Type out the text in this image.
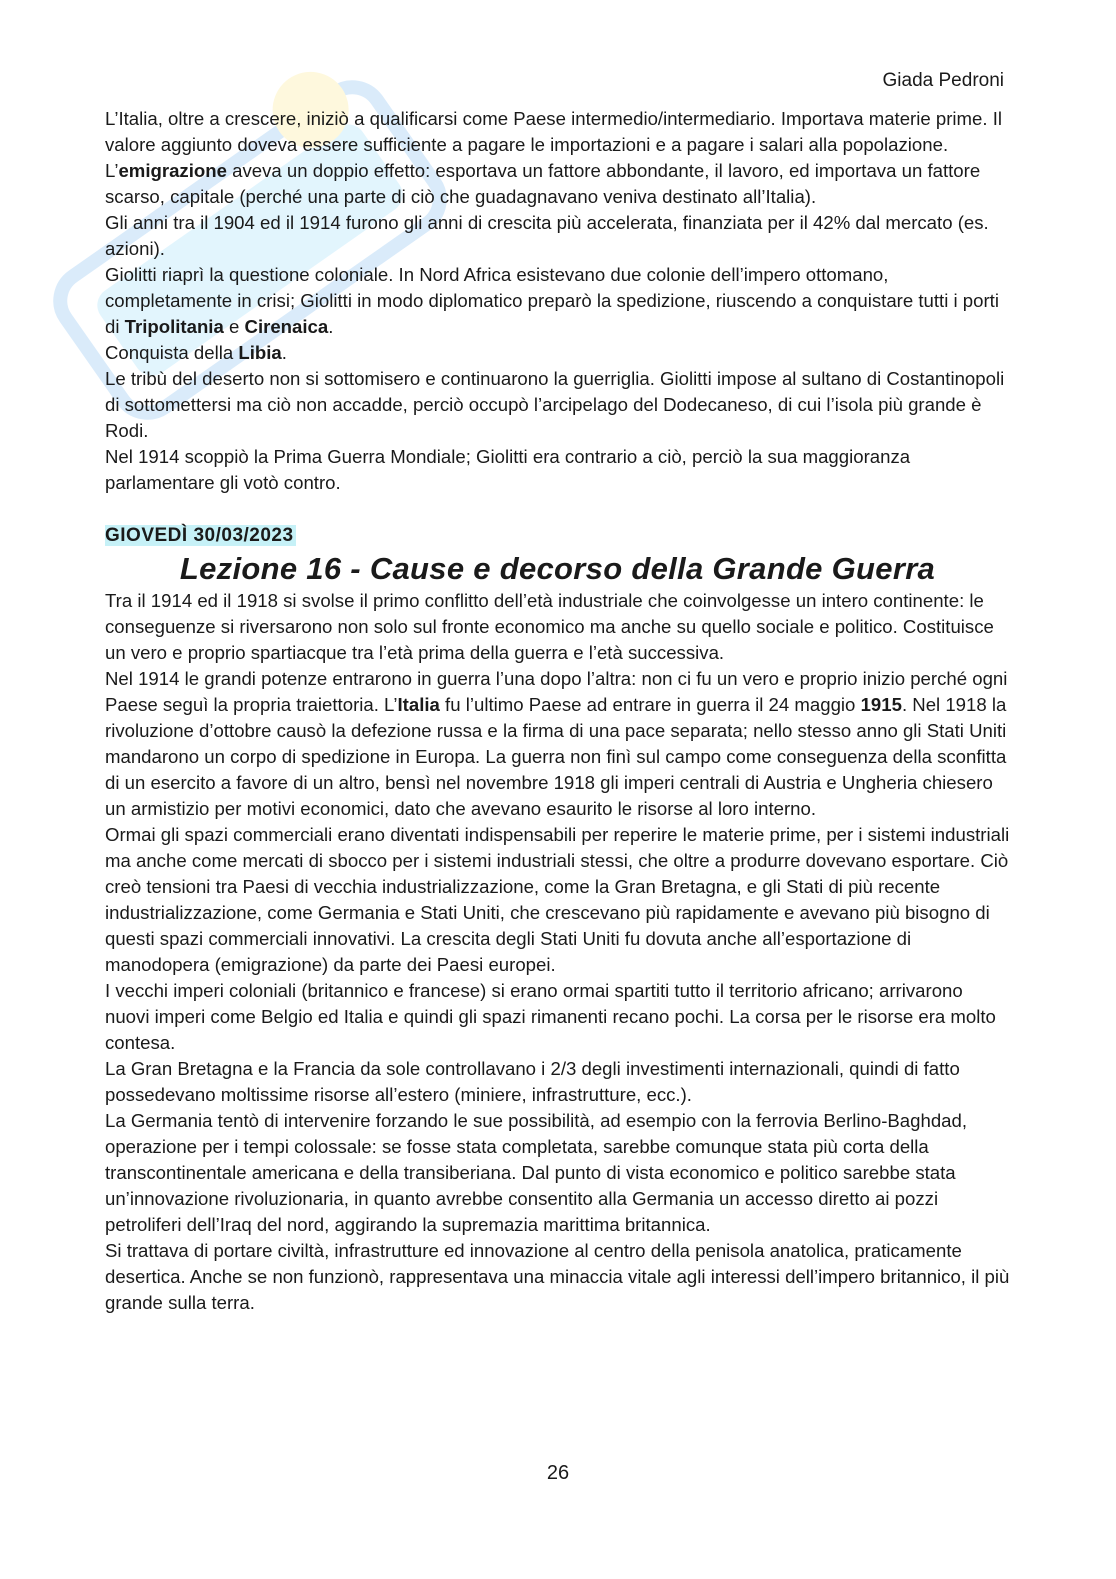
Giada Pedroni

L’Italia, oltre a crescere, iniziò a qualificarsi come Paese intermedio/intermediario. Importava materie prime. Il valore aggiunto doveva essere sufficiente a pagare le importazioni e a pagare i salari alla popolazione.

L’emigrazione aveva un doppio effetto: esportava un fattore abbondante, il lavoro, ed importava un fattore scarso, capitale (perché una parte di ciò che guadagnavano veniva destinato all’Italia).

Gli anni tra il 1904 ed il 1914 furono gli anni di crescita più accelerata, finanziata per il 42% dal mercato (es. azioni).

Giolitti riaprì la questione coloniale. In Nord Africa esistevano due colonie dell’impero ottomano, completamente in crisi; Giolitti in modo diplomatico preparò la spedizione, riuscendo a conquistare tutti i porti di Tripolitania e Cirenaica.

Conquista della Libia.

Le tribù del deserto non si sottomisero e continuarono la guerriglia. Giolitti impose al sultano di Costantinopoli di sottomettersi ma ciò non accadde, perciò occupò l’arcipelago del Dodecaneso, di cui l’isola più grande è Rodi.

Nel 1914 scoppiò la Prima Guerra Mondiale; Giolitti era contrario a ciò, perciò la sua maggioranza parlamentare gli votò contro.

GIOVEDÌ 30/03/2023
Lezione 16 - Cause e decorso della Grande Guerra

Tra il 1914 ed il 1918 si svolse il primo conflitto dell’età industriale che coinvolgesse un intero continente: le conseguenze si riversarono non solo sul fronte economico ma anche su quello sociale e politico. Costituisce un vero e proprio spartiacque tra l’età prima della guerra e l’età successiva.

Nel 1914 le grandi potenze entrarono in guerra l’una dopo l’altra: non ci fu un vero e proprio inizio perché ogni Paese seguì la propria traiettoria. L’Italia fu l’ultimo Paese ad entrare in guerra il 24 maggio 1915. Nel 1918 la rivoluzione d’ottobre causò la defezione russa e la firma di una pace separata; nello stesso anno gli Stati Uniti mandarono un corpo di spedizione in Europa. La guerra non finì sul campo come conseguenza della sconfitta di un esercito a favore di un altro, bensì nel novembre 1918 gli imperi centrali di Austria e Ungheria chiesero un armistizio per motivi economici, dato che avevano esaurito le risorse al loro interno.

Ormai gli spazi commerciali erano diventati indispensabili per reperire le materie prime, per i sistemi industriali ma anche come mercati di sbocco per i sistemi industriali stessi, che oltre a produrre dovevano esportare. Ciò creò tensioni tra Paesi di vecchia industrializzazione, come la Gran Bretagna, e gli Stati di più recente industrializzazione, come Germania e Stati Uniti, che crescevano più rapidamente e avevano più bisogno di questi spazi commerciali innovativi. La crescita degli Stati Uniti fu dovuta anche all’esportazione di manodopera (emigrazione) da parte dei Paesi europei.

I vecchi imperi coloniali (britannico e francese) si erano ormai spartiti tutto il territorio africano; arrivarono nuovi imperi come Belgio ed Italia e quindi gli spazi rimanenti recano pochi. La corsa per le risorse era molto contesa.

La Gran Bretagna e la Francia da sole controllavano i 2/3 degli investimenti internazionali, quindi di fatto possedevano moltissime risorse all’estero (miniere, infrastrutture, ecc.).

La Germania tentò di intervenire forzando le sue possibilità, ad esempio con la ferrovia Berlino-Baghdad, operazione per i tempi colossale: se fosse stata completata, sarebbe comunque stata più corta della transcontinentale americana e della transiberiana. Dal punto di vista economico e politico sarebbe stata un’innovazione rivoluzionaria, in quanto avrebbe consentito alla Germania un accesso diretto ai pozzi petroliferi dell’Iraq del nord, aggirando la supremazia marittima britannica.

Si trattava di portare civiltà, infrastrutture ed innovazione al centro della penisola anatolica, praticamente desertica. Anche se non funzionò, rappresentava una minaccia vitale agli interessi dell’impero britannico, il più grande sulla terra.

26
